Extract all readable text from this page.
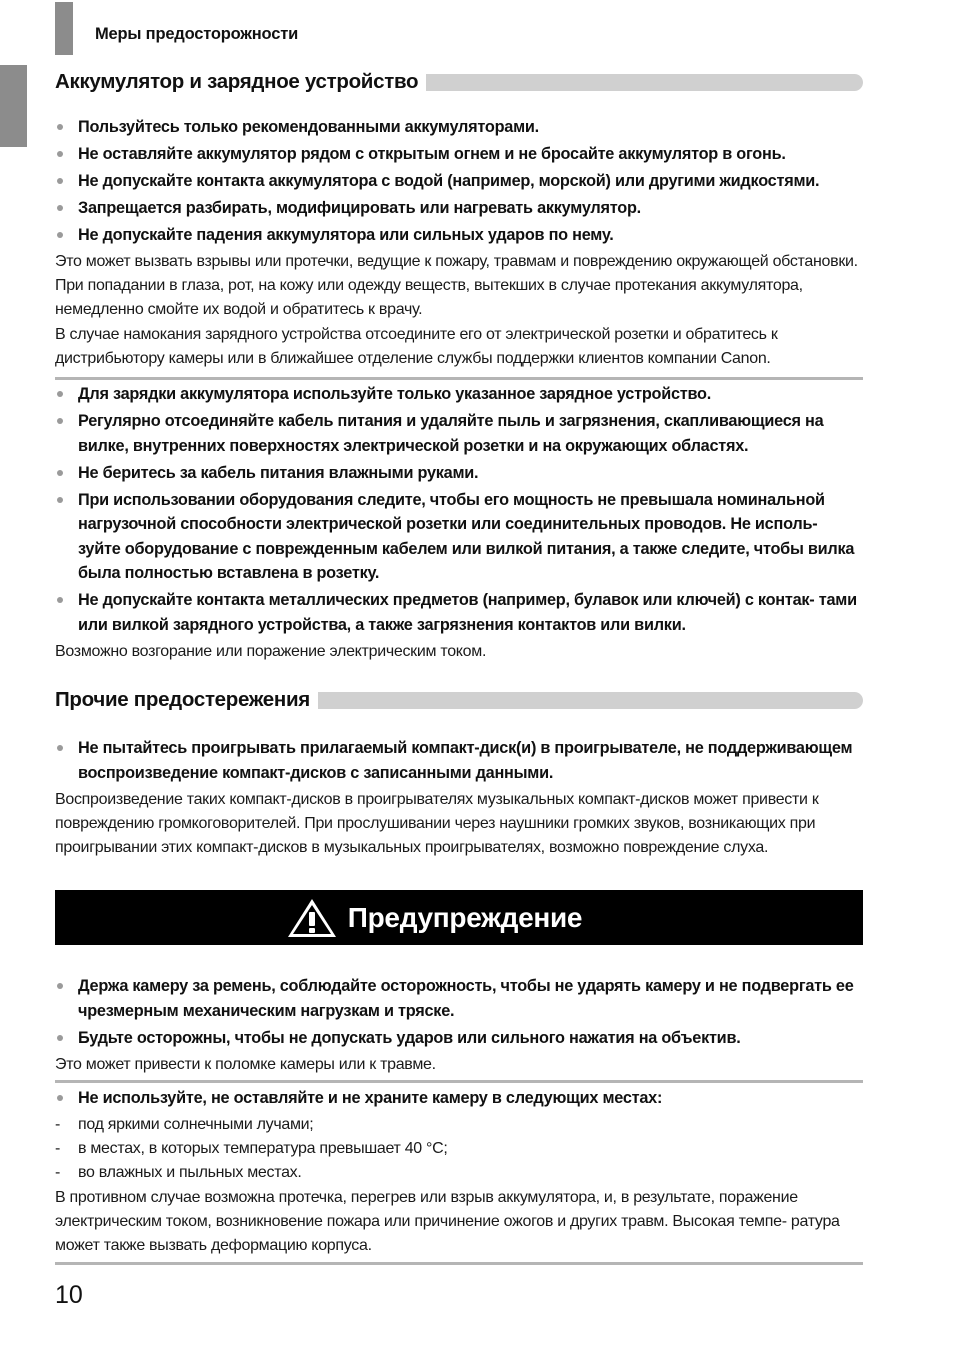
Меры предосторожности
Аккумулятор и зарядное устройство
Пользуйтесь только рекомендованными аккумуляторами.
Не оставляйте аккумулятор рядом с открытым огнем и не бросайте аккумулятор в огонь.
Не допускайте контакта аккумулятора с водой (например, морской) или другими жидкостями.
Запрещается разбирать, модифицировать или нагревать аккумулятор.
Не допускайте падения аккумулятора или сильных ударов по нему.
Это может вызвать взрывы или протечки, ведущие к пожару, травмам и повреждению окружающей обстановки. При попадании в глаза, рот, на кожу или одежду веществ, вытекших в случае протекания аккумулятора, немедленно смойте их водой и обратитесь к врачу.
В случае намокания зарядного устройства отсоедините его от электрической розетки и обратитесь к дистрибьютору камеры или в ближайшее отделение службы поддержки клиентов компании Canon.
Для зарядки аккумулятора используйте только указанное зарядное устройство.
Регулярно отсоединяйте кабель питания и удаляйте пыль и загрязнения, скапливающиеся на вилке, внутренних поверхностях электрической розетки и на окружающих областях.
Не беритесь за кабель питания влажными руками.
При использовании оборудования следите, чтобы его мощность не превышала номинальной нагрузочной способности электрической розетки или соединительных проводов. Не исполь- зуйте оборудование с поврежденным кабелем или вилкой питания, а также следите, чтобы вилка была полностью вставлена в розетку.
Не допускайте контакта металлических предметов (например, булавок или ключей) с контак- тами или вилкой зарядного устройства, а также загрязнения контактов или вилки.
Возможно возгорание или поражение электрическим током.
Прочие предостережения
Не пытайтесь проигрывать прилагаемый компакт-диск(и) в проигрывателе, не поддерживающем воспроизведение компакт-дисков с записанными данными.
Воспроизведение таких компакт-дисков в проигрывателях музыкальных компакт-дисков может привести к повреждению громкоговорителей. При прослушивании через наушники громких звуков, возникающих при проигрывании этих компакт-дисков в музыкальных проигрывателях, возможно повреждение слуха.
Предупреждение
Держа камеру за ремень, соблюдайте осторожность, чтобы не ударять камеру и не подвергать ее чрезмерным механическим нагрузкам и тряске.
Будьте осторожны, чтобы не допускать ударов или сильного нажатия на объектив.
Это может привести к поломке камеры или к травме.
Не используйте, не оставляйте и не храните камеру в следующих местах:
- под яркими солнечными лучами;
- в местах, в которых температура превышает 40 °C;
- во влажных и пыльных местах.
В противном случае возможна протечка, перегрев или взрыв аккумулятора, и, в результате, поражение электрическим током, возникновение пожара или причинение ожогов и других травм. Высокая темпе- ратура может также вызвать деформацию корпуса.
10
